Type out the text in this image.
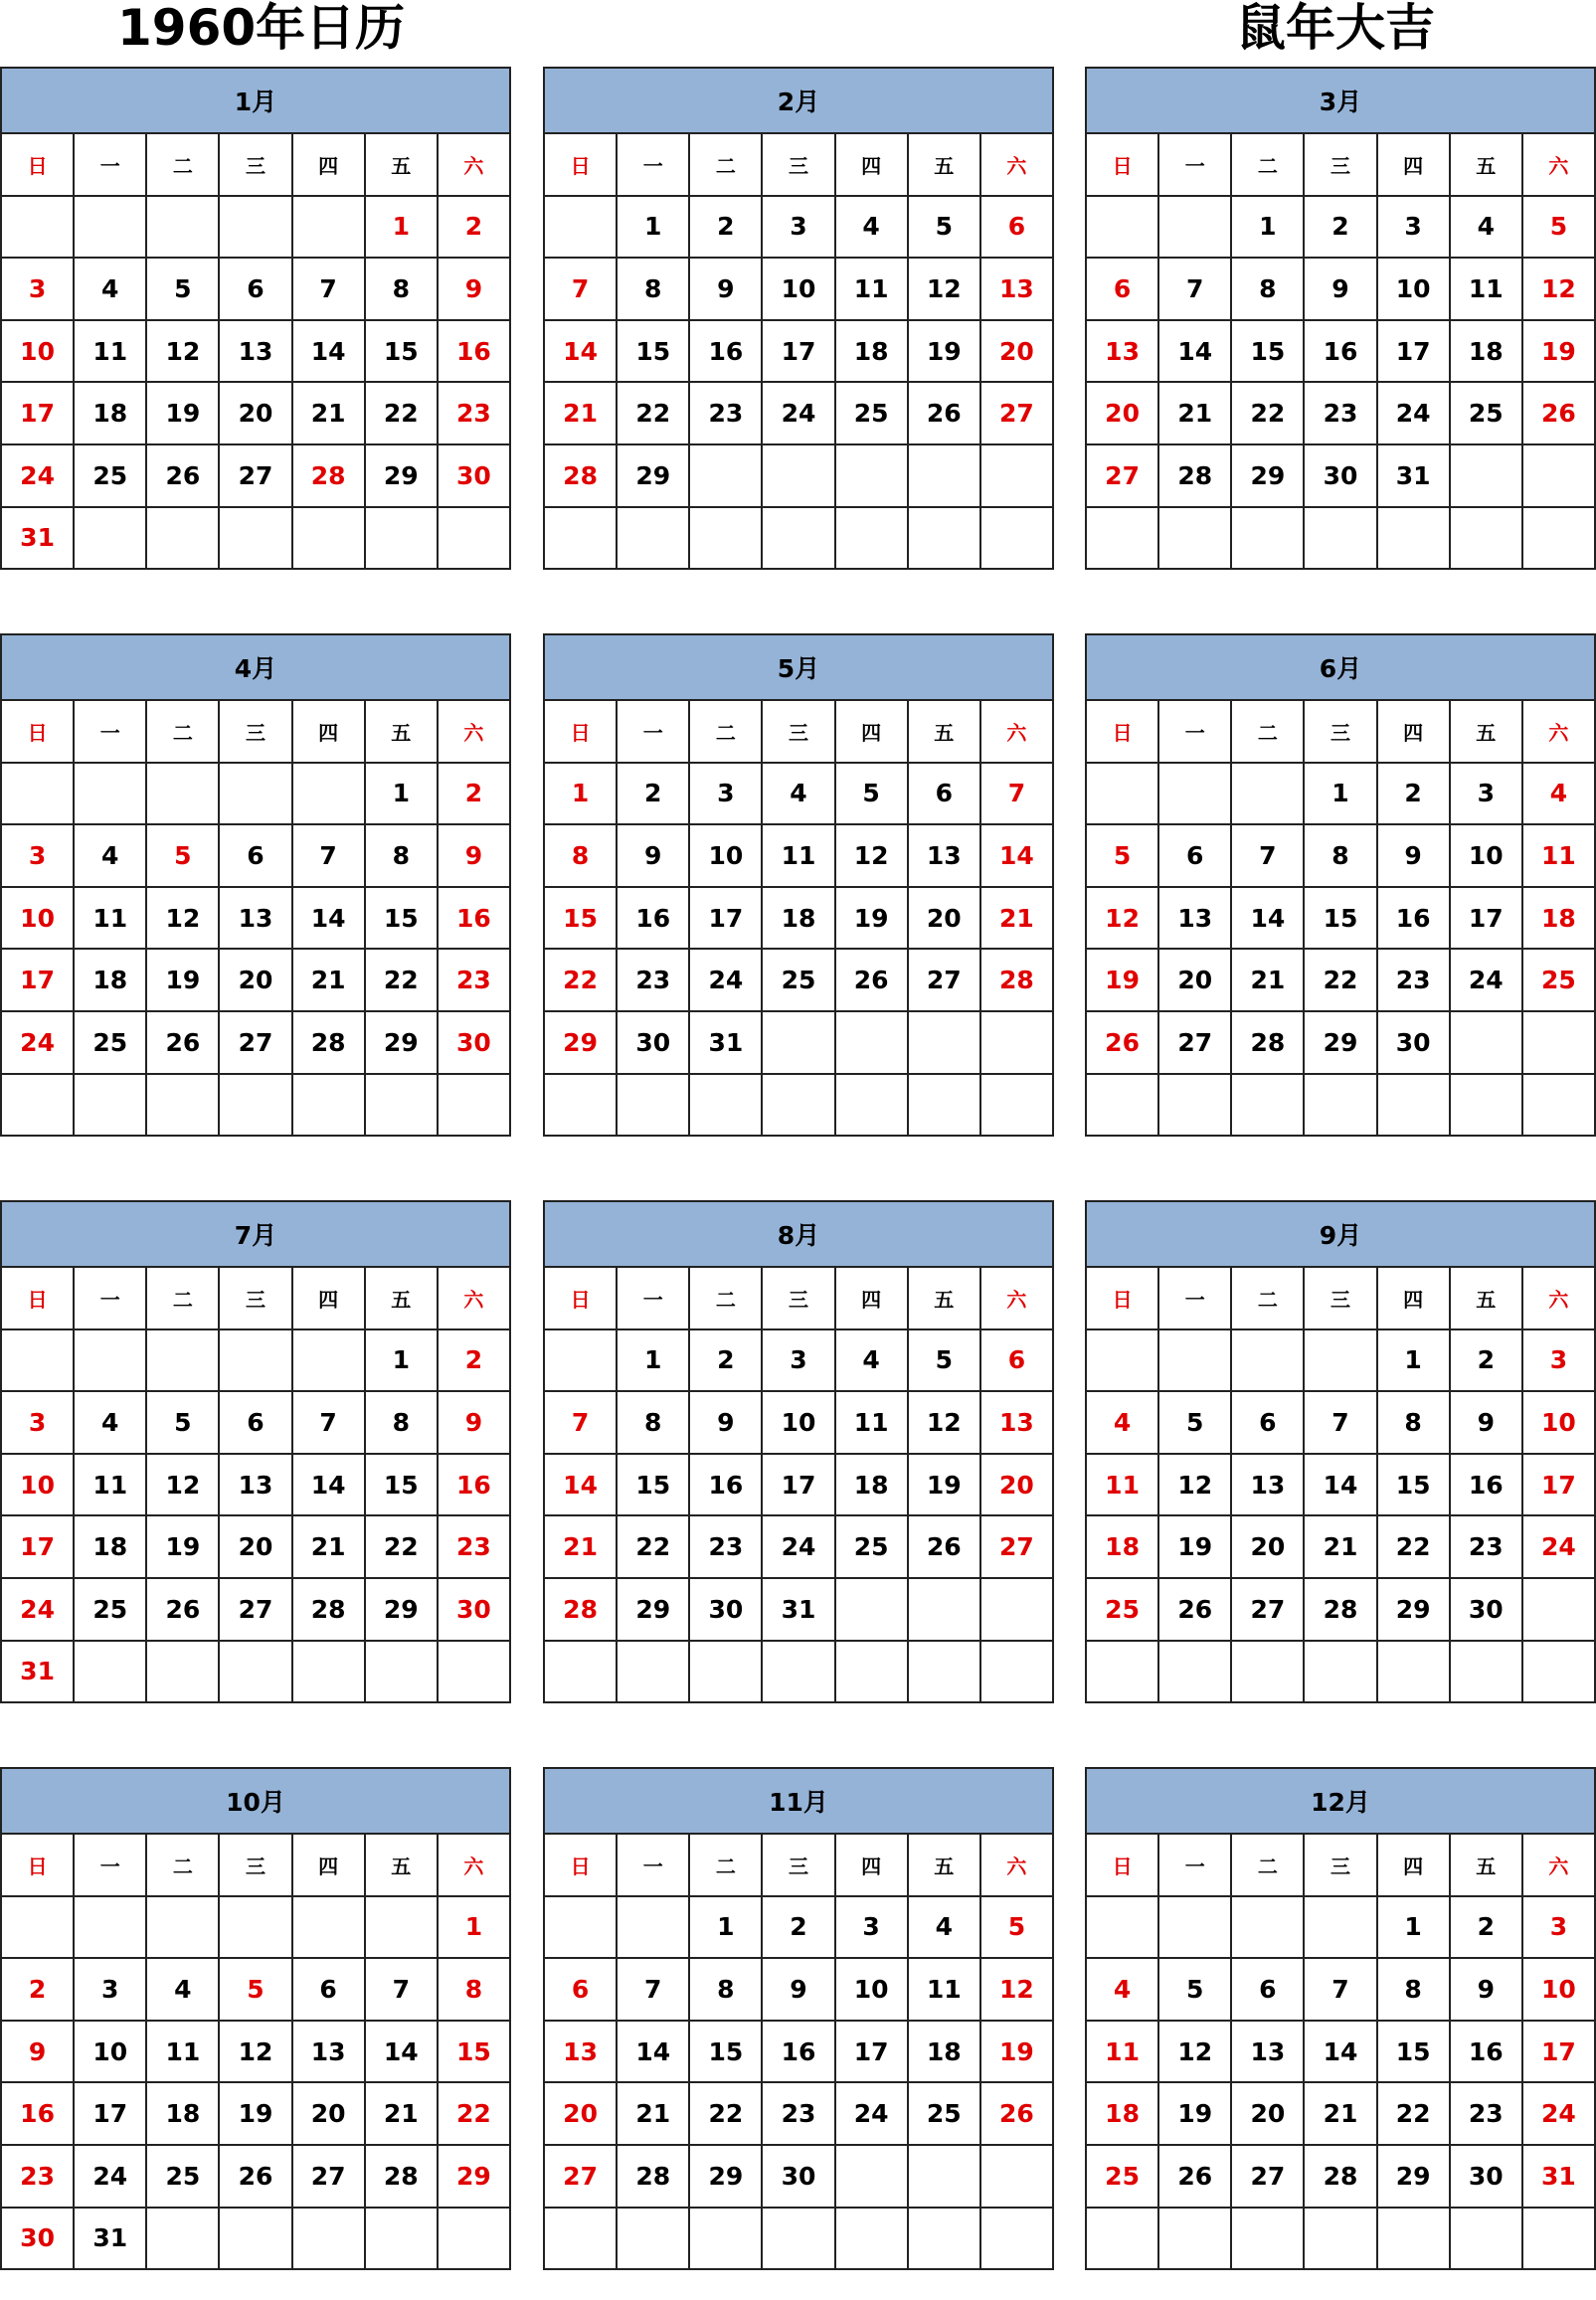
1960年日历	鼠年大吉
1月						
日	一	二	三	四	五	六
					1	2
3	4	5	6	7	8	9
10	11	12	13	14	15	16
17	18	19	20	21	22	23
24	25	26	27	28	29	30
31						
2月						
日	一	二	三	四	五	六
	1	2	3	4	5	6
7	8	9	10	11	12	13
14	15	16	17	18	19	20
21	22	23	24	25	26	27
28	29					

3月						
日	一	二	三	四	五	六
		1	2	3	4	5
6	7	8	9	10	11	12
13	14	15	16	17	18	19
20	21	22	23	24	25	26
27	28	29	30	31		

4月						
日	一	二	三	四	五	六
					1	2
3	4	5	6	7	8	9
10	11	12	13	14	15	16
17	18	19	20	21	22	23
24	25	26	27	28	29	30

5月						
日	一	二	三	四	五	六
1	2	3	4	5	6	7
8	9	10	11	12	13	14
15	16	17	18	19	20	21
22	23	24	25	26	27	28
29	30	31				

6月						
日	一	二	三	四	五	六
			1	2	3	4
5	6	7	8	9	10	11
12	13	14	15	16	17	18
19	20	21	22	23	24	25
26	27	28	29	30		

7月						
日	一	二	三	四	五	六
					1	2
3	4	5	6	7	8	9
10	11	12	13	14	15	16
17	18	19	20	21	22	23
24	25	26	27	28	29	30
31						
8月						
日	一	二	三	四	五	六
	1	2	3	4	5	6
7	8	9	10	11	12	13
14	15	16	17	18	19	20
21	22	23	24	25	26	27
28	29	30	31			

9月						
日	一	二	三	四	五	六
				1	2	3
4	5	6	7	8	9	10
11	12	13	14	15	16	17
18	19	20	21	22	23	24
25	26	27	28	29	30	

10月						
日	一	二	三	四	五	六
						1
2	3	4	5	6	7	8
9	10	11	12	13	14	15
16	17	18	19	20	21	22
23	24	25	26	27	28	29
30	31					
11月						
日	一	二	三	四	五	六
		1	2	3	4	5
6	7	8	9	10	11	12
13	14	15	16	17	18	19
20	21	22	23	24	25	26
27	28	29	30			

12月						
日	一	二	三	四	五	六
				1	2	3
4	5	6	7	8	9	10
11	12	13	14	15	16	17
18	19	20	21	22	23	24
25	26	27	28	29	30	31
